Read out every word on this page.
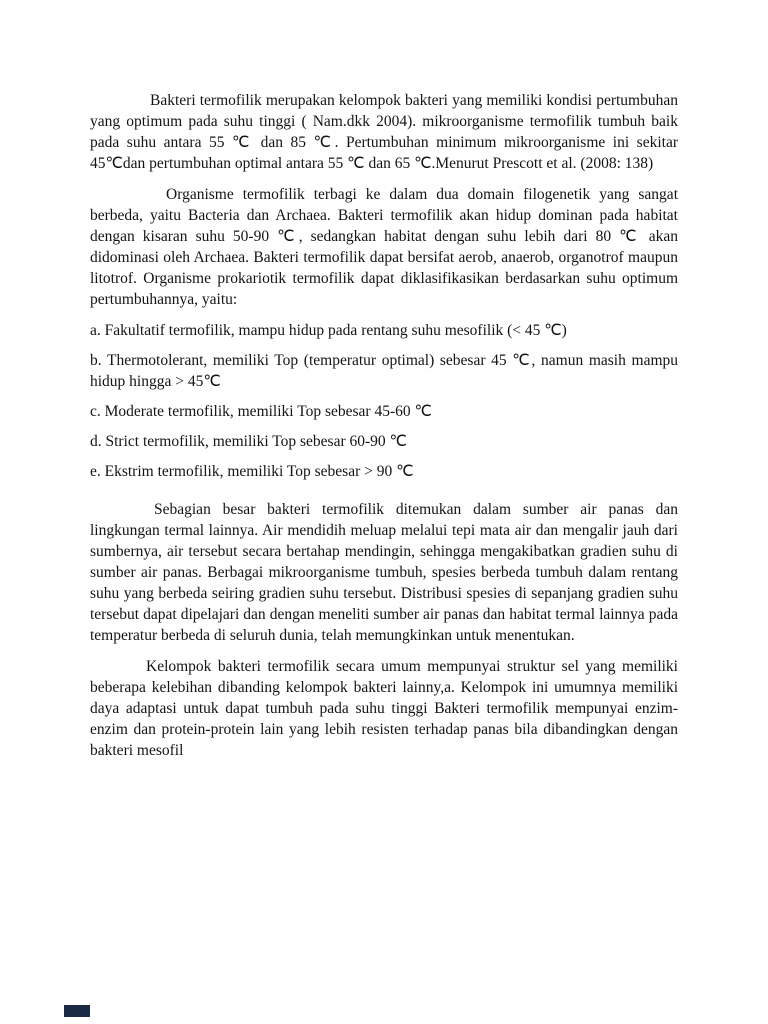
Bakteri termofilik merupakan kelompok bakteri yang memiliki kondisi pertumbuhan yang optimum pada suhu tinggi ( Nam.dkk 2004). mikroorganisme termofilik tumbuh baik pada suhu antara 55 ℃ dan 85 ℃. Pertumbuhan minimum mikroorganisme ini sekitar 45℃dan pertumbuhan optimal antara 55 ℃ dan 65 ℃.Menurut Prescott et al. (2008: 138)

Organisme termofilik terbagi ke dalam dua domain filogenetik yang sangat berbeda, yaitu Bacteria dan Archaea. Bakteri termofilik akan hidup dominan pada habitat dengan kisaran suhu 50-90 ℃, sedangkan habitat dengan suhu lebih dari 80 ℃ akan didominasi oleh Archaea. Bakteri termofilik dapat bersifat aerob, anaerob, organotrof maupun litotrof. Organisme prokariotik termofilik dapat diklasifikasikan berdasarkan suhu optimum pertumbuhannya, yaitu:

a. Fakultatif termofilik, mampu hidup pada rentang suhu mesofilik (< 45 ℃)

b. Thermotolerant, memiliki Top (temperatur optimal) sebesar 45 ℃, namun masih mampu hidup hingga > 45℃

c. Moderate termofilik, memiliki Top sebesar 45-60 ℃

d. Strict termofilik, memiliki Top sebesar 60-90 ℃

e. Ekstrim termofilik, memiliki Top sebesar > 90 ℃

Sebagian besar bakteri termofilik ditemukan dalam sumber air panas dan lingkungan termal lainnya. Air mendidih meluap melalui tepi mata air dan mengalir jauh dari sumbernya, air tersebut secara bertahap mendingin, sehingga mengakibatkan gradien suhu di sumber air panas. Berbagai mikroorganisme tumbuh, spesies berbeda tumbuh dalam rentang suhu yang berbeda seiring gradien suhu tersebut. Distribusi spesies di sepanjang gradien suhu tersebut dapat dipelajari dan dengan meneliti sumber air panas dan habitat termal lainnya pada temperatur berbeda di seluruh dunia, telah memungkinkan untuk menentukan.

Kelompok bakteri termofilik secara umum mempunyai struktur sel yang memiliki beberapa kelebihan dibanding kelompok bakteri lainny,a. Kelompok ini umumnya memiliki daya adaptasi untuk dapat tumbuh pada suhu tinggi Bakteri termofilik mempunyai enzim-enzim dan protein-protein lain yang lebih resisten terhadap panas bila dibandingkan dengan bakteri mesofil
